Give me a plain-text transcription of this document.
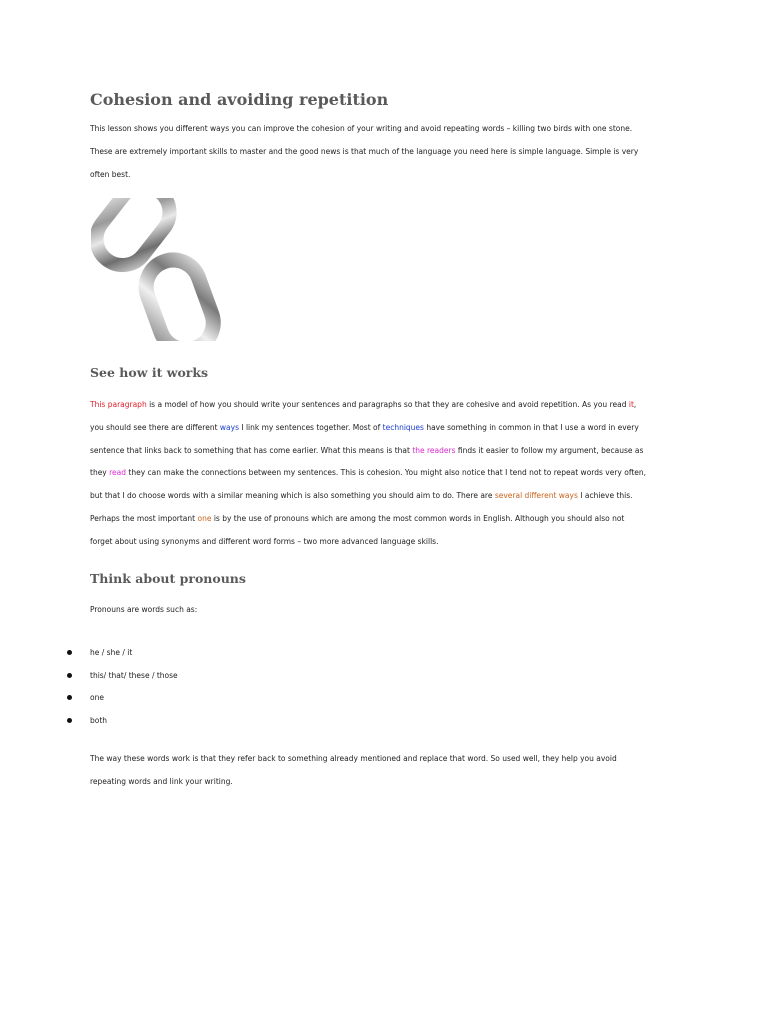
Cohesion and avoiding repetition
This lesson shows you different ways you can improve the cohesion of your writing and avoid repeating words – killing two birds with one stone.
These are extremely important skills to master and the good news is that much of the language you need here is simple language. Simple is very
often best.
See how it works
This paragraph is a model of how you should write your sentences and paragraphs so that they are cohesive and avoid repetition. As you read it,
you should see there are different ways I link my sentences together. Most of techniques have something in common in that I use a word in every
sentence that links back to something that has come earlier. What this means is that the readers finds it easier to follow my argument, because as
they read they can make the connections between my sentences. This is cohesion. You might also notice that I tend not to repeat words very often,
but that I do choose words with a similar meaning which is also something you should aim to do. There are several different ways I achieve this.
Perhaps the most important one is by the use of pronouns which are among the most common words in English. Although you should also not
forget about using synonyms and different word forms – two more advanced language skills.
Think about pronouns
Pronouns are words such as:
he / she / it
this/ that/ these / those
one
both
The way these words work is that they refer back to something already mentioned and replace that word. So used well, they help you avoid
repeating words and link your writing.
